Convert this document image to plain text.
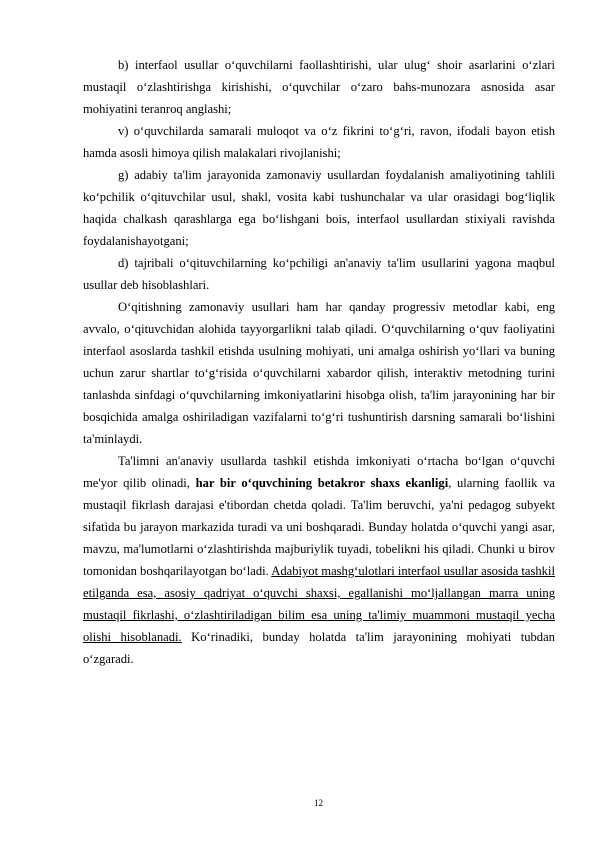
b) interfaol usullar o‘quvchilarni faollashtirishi, ular ulug‘ shoir asarlarini o‘zlari mustaqil o‘zlashtirishga kirishishi, o‘quvchilar o‘zaro bahs-munozara asnosida asar mohiyatini teranroq anglashi;

v) o‘quvchilarda samarali muloqot va o‘z fikrini to‘g‘ri, ravon, ifodali bayon etish hamda asosli himoya qilish malakalari rivojlanishi;

g) adabiy ta'lim jarayonida zamonaviy usullardan foydalanish amaliyotining tahlili ko‘pchilik o‘qituvchilar usul, shakl, vosita kabi tushunchalar va ular orasidagi bog‘liqlik haqida chalkash qarashlarga ega bo‘lishgani bois, interfaol usullardan stixiyali ravishda foydalanishayotgani;

d) tajribali o‘qituvchilarning ko‘pchiligi an'anaviy ta'lim usullarini yagona maqbul usullar deb hisoblashlari.

O‘qitishning zamonaviy usullari ham har qanday progressiv metodlar kabi, eng avvalo, o‘qituvchidan alohida tayyorgarlikni talab qiladi. O‘quvchilarning o‘quv faoliyatini interfaol asoslarda tashkil etishda usulning mohiyati, uni amalga oshirish yo‘llari va buning uchun zarur shartlar to‘g‘risida o‘quvchilarni xabardor qilish, interaktiv metodning turini tanlashda sinfdagi o‘quvchilarning imkoniyatlarini hisobga olish, ta'lim jarayonining har bir bosqichida amalga oshiriladigan vazifalarni to‘g‘ri tushuntirish darsning samarali bo‘lishini ta'minlaydi.

Ta'limni an'anaviy usullarda tashkil etishda imkoniyati o‘rtacha bo‘lgan o‘quvchi me'yor qilib olinadi, har bir o‘quvchining betakror shaxs ekanligi, ularning faollik va mustaqil fikrlash darajasi e'tibordan chetda qoladi. Ta'lim beruvchi, ya'ni pedagog subyekt sifatida bu jarayon markazida turadi va uni boshqaradi. Bunday holatda o‘quvchi yangi asar, mavzu, ma'lumotlarni o‘zlashtirishda majburiylik tuyadi, tobelikni his qiladi. Chunki u birov tomonidan boshqarilayotgan bo‘ladi. Adabiyot mashg‘ulotlari interfaol usullar asosida tashkil etilganda esa, asosiy qadriyat o‘quvchi shaxsi, egallanishi mo‘ljallangan marra uning mustaqil fikrlashi, o‘zlashtiriladigan bilim esa uning ta'limiy muammoni mustaqil yecha olishi hisoblanadi. Ko‘rinadiki, bunday holatda ta'lim jarayonining mohiyati tubdan o‘zgaradi.

12
